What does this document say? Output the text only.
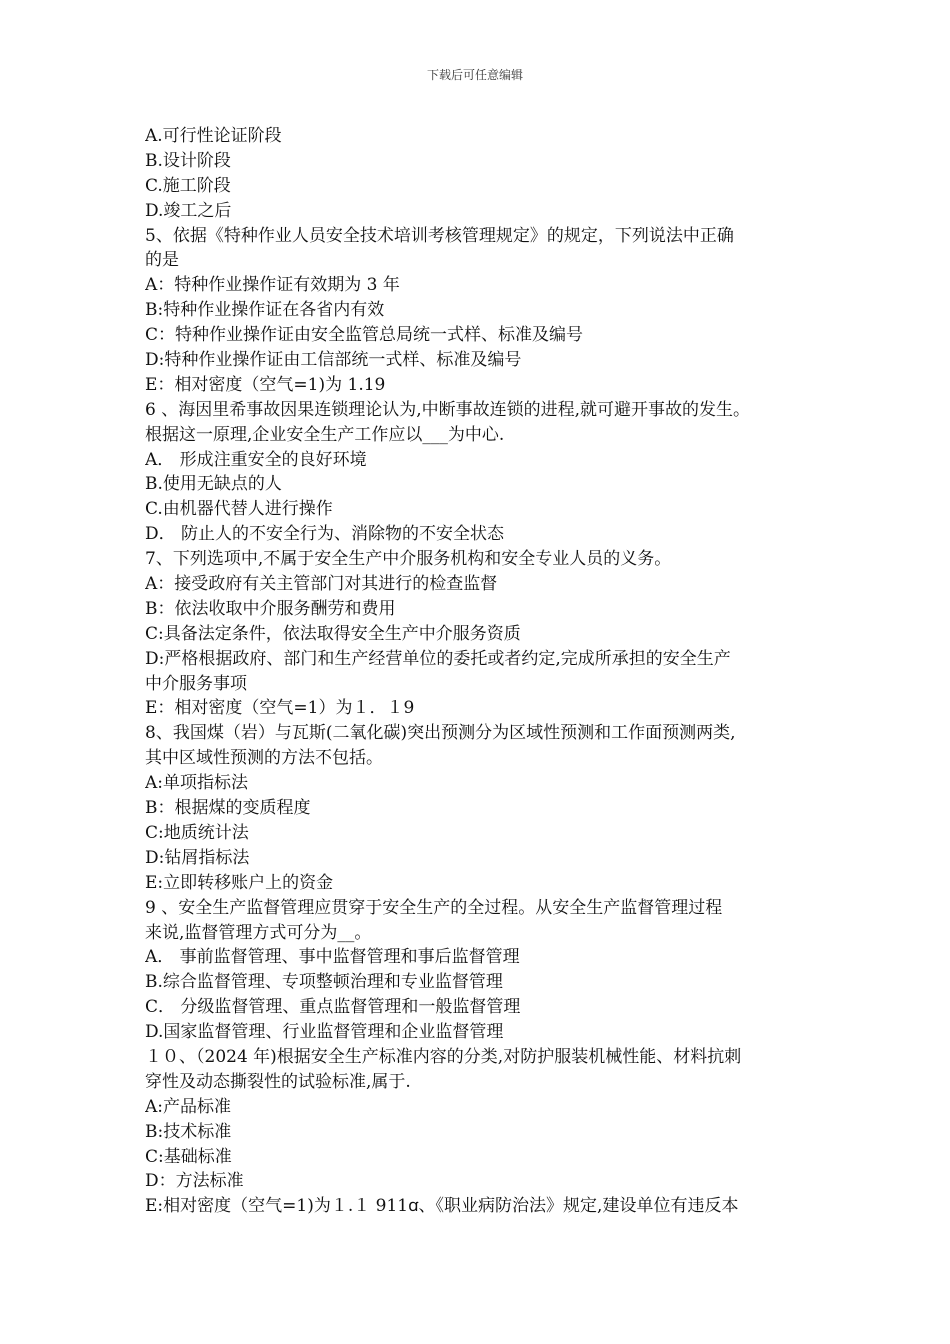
下载后可任意编辑
A.可行性论证阶段
B.设计阶段
C.施工阶段
D.竣工之后
5、依据《特种作业人员安全技术培训考核管理规定》的规定，下列说法中正确
的是
A：特种作业操作证有效期为 3 年
B:特种作业操作证在各省内有效
C：特种作业操作证由安全监管总局统一式样、标准及编号
D:特种作业操作证由工信部统一式样、标准及编号
E：相对密度（空气=1)为 1.19
6 、海因里希事故因果连锁理论认为,中断事故连锁的进程,就可避开事故的发生。
根据这一原理,企业安全生产工作应以___为中心.
A． 形成注重安全的良好环境
B.使用无缺点的人
C.由机器代替人进行操作
D． 防止人的不安全行为、消除物的不安全状态
7、下列选项中,不属于安全生产中介服务机构和安全专业人员的义务。
A：接受政府有关主管部门对其进行的检查监督
B：依法收取中介服务酬劳和费用
C:具备法定条件，依法取得安全生产中介服务资质
D:严格根据政府、部门和生产经营单位的委托或者约定,完成所承担的安全生产
中介服务事项
E：相对密度（空气=1）为１．１9
8、我国煤（岩）与瓦斯(二氧化碳)突出预测分为区域性预测和工作面预测两类,
其中区域性预测的方法不包括。
A:单项指标法
B：根据煤的变质程度
C:地质统计法
D:钻屑指标法
E:立即转移账户上的资金
9 、安全生产监督管理应贯穿于安全生产的全过程。从安全生产监督管理过程
来说,监督管理方式可分为__。
A． 事前监督管理、事中监督管理和事后监督管理
B.综合监督管理、专项整顿治理和专业监督管理
C． 分级监督管理、重点监督管理和一般监督管理
D.国家监督管理、行业监督管理和企业监督管理
１０、（2024 年)根据安全生产标准内容的分类,对防护服装机械性能、材料抗刺
穿性及动态撕裂性的试验标准,属于.
A:产品标准
B:技术标准
C:基础标准
D：方法标准
E:相对密度（空气=1)为１.１ 911ꭤ、《职业病防治法》规定,建设单位有违反本
